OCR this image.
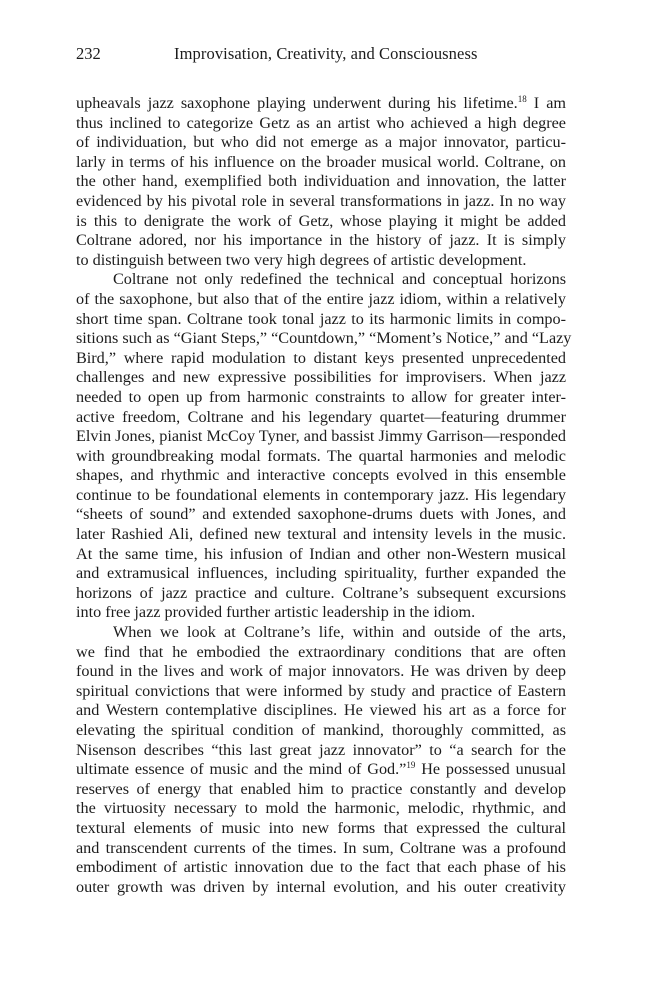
232	Improvisation, Creativity, and Consciousness
upheavals jazz saxophone playing underwent during his lifetime.$^{18}$ I am
thus inclined to categorize Getz as an artist who achieved a high degree
of individuation, but who did not emerge as a major innovator, particu-
larly in terms of his influence on the broader musical world. Coltrane, on
the other hand, exemplified both individuation and innovation, the latter
evidenced by his pivotal role in several transformations in jazz. In no way
is this to denigrate the work of Getz, whose playing it might be added
Coltrane adored, nor his importance in the history of jazz. It is simply
to distinguish between two very high degrees of artistic development.
Coltrane not only redefined the technical and conceptual horizons
of the saxophone, but also that of the entire jazz idiom, within a relatively
short time span. Coltrane took tonal jazz to its harmonic limits in compo-
sitions such as “Giant Steps,” “Countdown,” “Moment’s Notice,” and “Lazy
Bird,” where rapid modulation to distant keys presented unprecedented
challenges and new expressive possibilities for improvisers. When jazz
needed to open up from harmonic constraints to allow for greater inter-
active freedom, Coltrane and his legendary quartet—featuring drummer
Elvin Jones, pianist McCoy Tyner, and bassist Jimmy Garrison—responded
with groundbreaking modal formats. The quartal harmonies and melodic
shapes, and rhythmic and interactive concepts evolved in this ensemble
continue to be foundational elements in contemporary jazz. His legendary
“sheets of sound” and extended saxophone-drums duets with Jones, and
later Rashied Ali, defined new textural and intensity levels in the music.
At the same time, his infusion of Indian and other non-Western musical
and extramusical influences, including spirituality, further expanded the
horizons of jazz practice and culture. Coltrane’s subsequent excursions
into free jazz provided further artistic leadership in the idiom.
When we look at Coltrane’s life, within and outside of the arts,
we find that he embodied the extraordinary conditions that are often
found in the lives and work of major innovators. He was driven by deep
spiritual convictions that were informed by study and practice of Eastern
and Western contemplative disciplines. He viewed his art as a force for
elevating the spiritual condition of mankind, thoroughly committed, as
Nisenson describes “this last great jazz innovator” to “a search for the
ultimate essence of music and the mind of God.”$^{19}$ He possessed unusual
reserves of energy that enabled him to practice constantly and develop
the virtuosity necessary to mold the harmonic, melodic, rhythmic, and
textural elements of music into new forms that expressed the cultural
and transcendent currents of the times. In sum, Coltrane was a profound
embodiment of artistic innovation due to the fact that each phase of his
outer growth was driven by internal evolution, and his outer creativity
